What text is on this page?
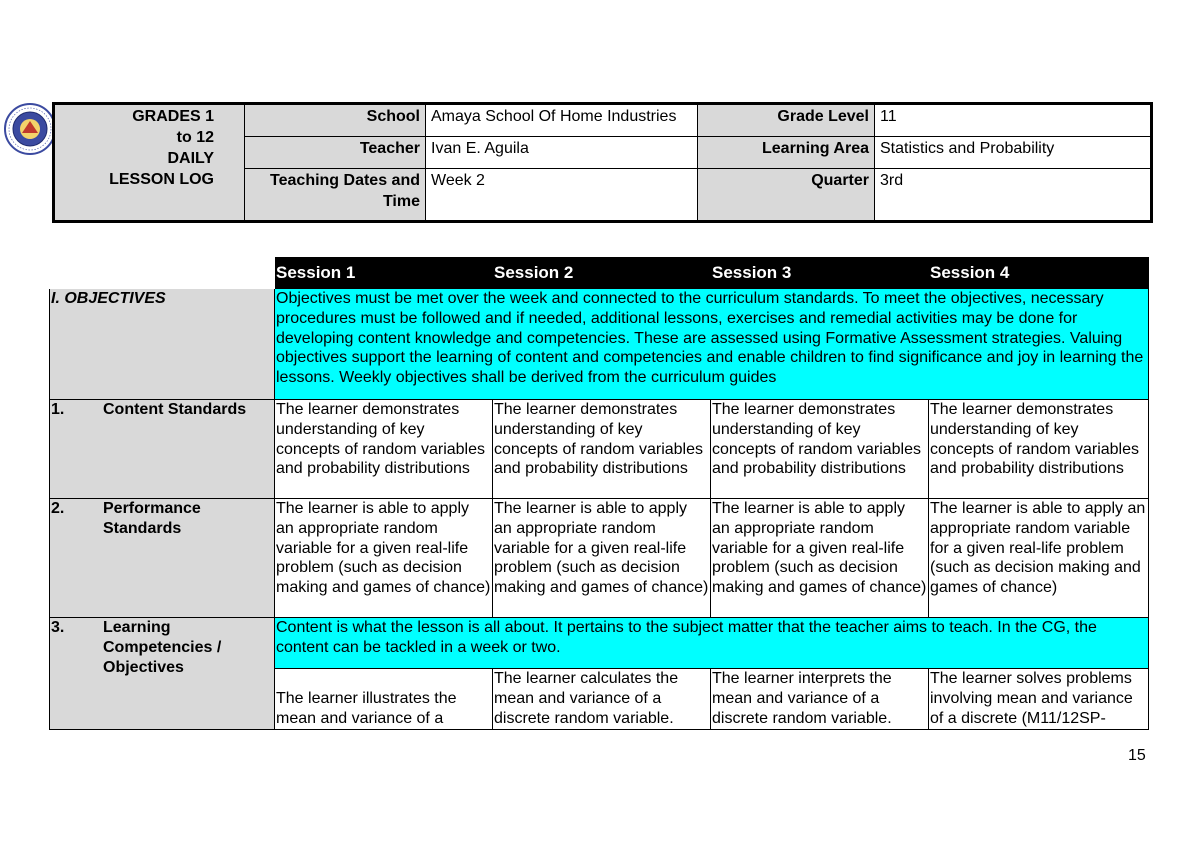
GRADES 1
to 12
DAILY
LESSON LOG	School	Amaya School Of Home Industries	Grade Level	11
	Teacher	Ivan E. Aguila	Learning Area	Statistics and Probability
	Teaching Dates and Time	Week 2	Quarter	3rd
	Session 1	Session 2	Session 3	Session 4
I. OBJECTIVES	Objectives must be met over the week and connected to the curriculum standards. To meet the objectives, necessary procedures must be followed and if needed, additional lessons, exercises and remedial activities may be done for developing content knowledge and competencies. These are assessed using Formative Assessment strategies. Valuing objectives support the learning of content and competencies and enable children to find significance and joy in learning the lessons. Weekly objectives shall be derived from the curriculum guides			
1. Content Standards	The learner demonstrates understanding of key concepts of random variables and probability distributions	The learner demonstrates understanding of key concepts of random variables and probability distributions	The learner demonstrates understanding of key concepts of random variables and probability distributions	The learner demonstrates understanding of key concepts of random variables and probability distributions
2. Performance Standards	The learner is able to apply an appropriate random variable for a given real-life problem (such as decision making and games of chance)	The learner is able to apply an appropriate random variable for a given real-life problem (such as decision making and games of chance)	The learner is able to apply an appropriate random variable for a given real-life problem (such as decision making and games of chance)	The learner is able to apply an appropriate random variable for a given real-life problem (such as decision making and games of chance)
3. Learning Competencies / Objectives	Content is what the lesson is all about. It pertains to the subject matter that the teacher aims to teach. In the CG, the content can be tackled in a week or two.			
	The learner illustrates the mean and variance of a	The learner calculates the mean and variance of a discrete random variable.	The learner interprets the mean and variance of a discrete random variable.	The learner solves problems involving mean and variance of a discrete (M11/12SP-
15
